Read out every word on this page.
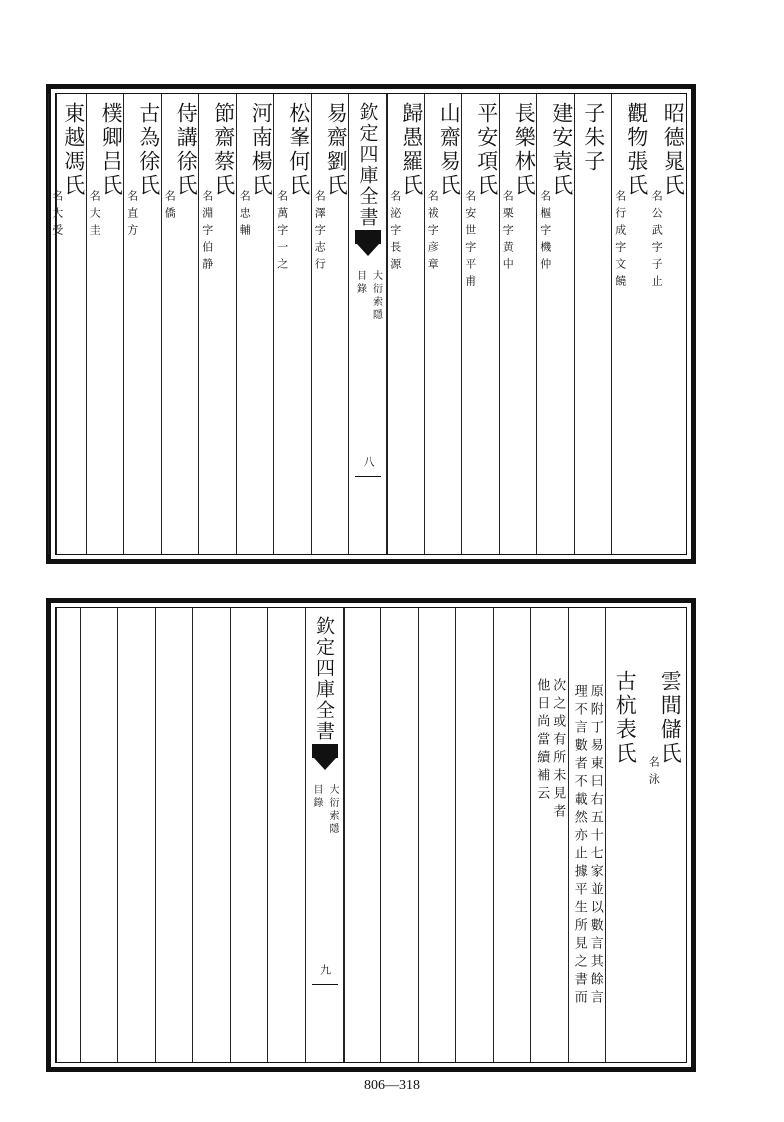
昭德晁氏
名公武字子止
觀物張氏
名行成字文饒
子朱子
建安袁氏
名樞字機仲
長樂林氏
名栗字黄中
平安項氏
名安世字平甫
山齋易氏
名祓字彦章
歸愚羅氏
名泌字長源
欽定四庫全書
大衍索隱
目錄
八
易齋劉氏
名澤字志行
松峯何氏
名萬字一之
河南楊氏
名忠輔
節齋蔡氏
名淵字伯静
侍講徐氏
名僑
古為徐氏
名直方
樸卿吕氏
名大圭
東越馮氏
名大受
雲間儲氏
名泳
古杭表氏
原附丁易東曰右五十七家並以數言其餘言
理不言數者不載然亦止據平生所見之書而
次之或有所未見者
他日尚當續補云
欽定四庫全書
大衍索隱
目錄
九
806—318
